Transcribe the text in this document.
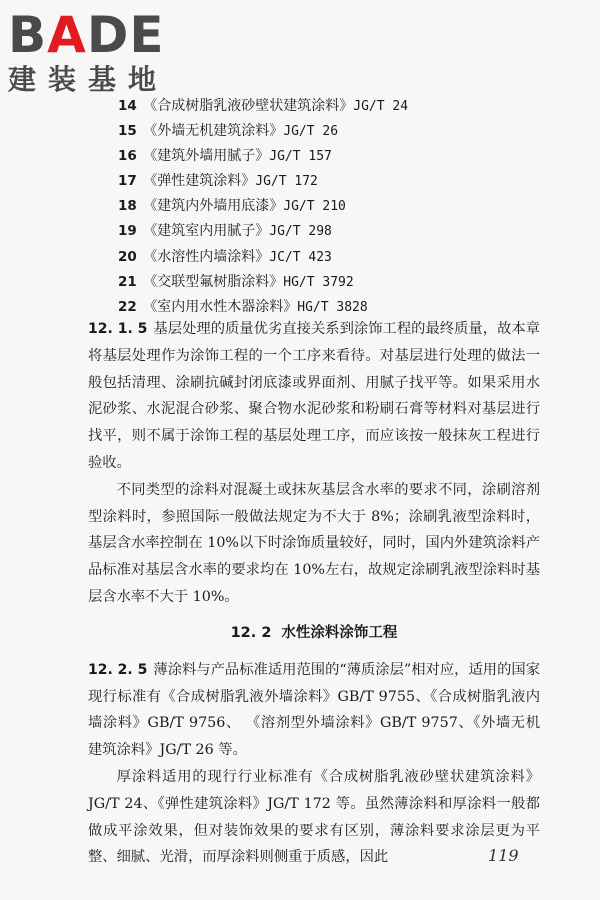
BADE
建装基地
14 《合成树脂乳液砂壁状建筑涂料》JG/T 24
15 《外墙无机建筑涂料》JG/T 26
16 《建筑外墙用腻子》JG/T 157
17 《弹性建筑涂料》JG/T 172
18 《建筑内外墙用底漆》JG/T 210
19 《建筑室内用腻子》JG/T 298
20 《水溶性内墙涂料》JC/T 423
21 《交联型氟树脂涂料》HG/T 3792
22 《室内用水性木器涂料》HG/T 3828

12. 1. 5 基层处理的质量优劣直接关系到涂饰工程的最终质量，故本章将基层处理作为涂饰工程的一个工序来看待。对基层进行处理的做法一般包括清理、涂刷抗碱封闭底漆或界面剂、用腻子找平等。如果采用水泥砂浆、水泥混合砂浆、聚合物水泥砂浆和粉刷石膏等材料对基层进行找平，则不属于涂饰工程的基层处理工序，而应该按一般抹灰工程进行验收。

不同类型的涂料对混凝土或抹灰基层含水率的要求不同，涂刷溶剂型涂料时，参照国际一般做法规定为不大于 8%；涂刷乳液型涂料时，基层含水率控制在 10%以下时涂饰质量较好，同时，国内外建筑涂料产品标准对基层含水率的要求均在 10%左右，故规定涂刷乳液型涂料时基层含水率不大于 10%。

12. 2 水性涂料涂饰工程

12. 2. 5 薄涂料与产品标准适用范围的“薄质涂层”相对应，适用的国家现行标准有《合成树脂乳液外墙涂料》GB/T 9755、《合成树脂乳液内墙涂料》GB/T 9756、 《溶剂型外墙涂料》GB/T 9757、《外墙无机建筑涂料》JG/T 26 等。

厚涂料适用的现行行业标准有《合成树脂乳液砂壁状建筑涂料》JG/T 24、《弹性建筑涂料》JG/T 172 等。虽然薄涂料和厚涂料一般都做成平涂效果，但对装饰效果的要求有区别，薄涂料要求涂层更为平整、细腻、光滑，而厚涂料则侧重于质感，因此	119
